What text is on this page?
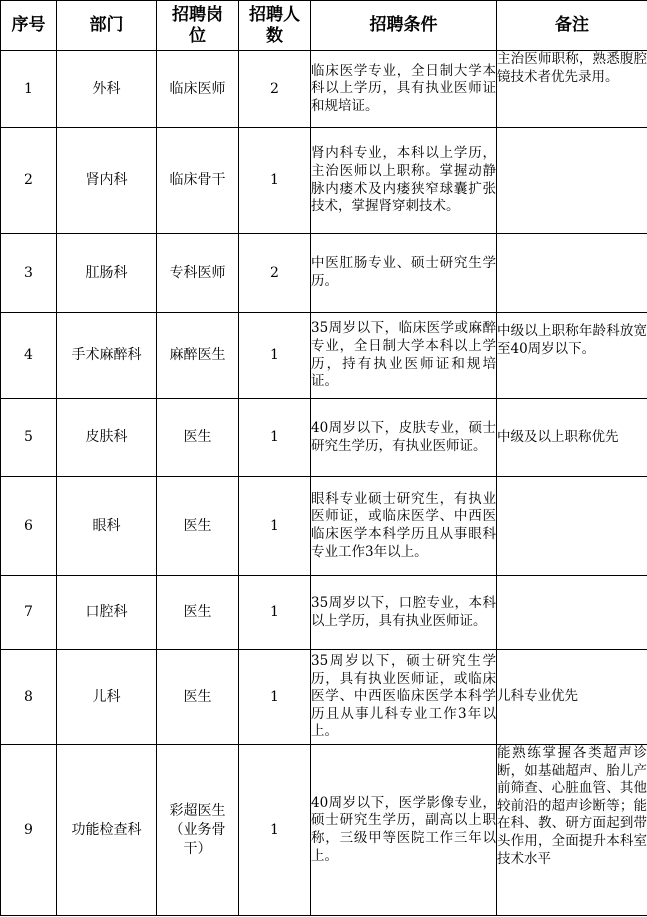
序号	部门	招聘岗位	招聘人数	招聘条件	备注
1	外科	临床医师	2	临床医学专业，全日制大学本科以上学历，具有执业医师证和规培证。	主治医师职称，熟悉腹腔镜技术者优先录用。
2	肾内科	临床骨干	1	肾内科专业，本科以上学历，主治医师以上职称。掌握动静脉内瘘术及内瘘狭窄球囊扩张技术，掌握肾穿刺技术。	
3	肛肠科	专科医师	2	中医肛肠专业、硕士研究生学历。	
4	手术麻醉科	麻醉医生	1	35周岁以下，临床医学或麻醉专业，全日制大学本科以上学历，持有执业医师证和规培证。	中级以上职称年龄科放宽至40周岁以下。
5	皮肤科	医生	1	40周岁以下，皮肤专业，硕士研究生学历，有执业医师证。	中级及以上职称优先
6	眼科	医生	1	眼科专业硕士研究生，有执业医师证，或临床医学、中西医临床医学本科学历且从事眼科专业工作3年以上。	
7	口腔科	医生	1	35周岁以下，口腔专业，本科以上学历，具有执业医师证。	
8	儿科	医生	1	35周岁以下，硕士研究生学历，具有执业医师证，或临床医学、中西医临床医学本科学历且从事儿科专业工作3年以上。	儿科专业优先
9	功能检查科	彩超医生（业务骨干）	1	40周岁以下，医学影像专业，硕士研究生学历，副高以上职称，三级甲等医院工作三年以上。	能熟练掌握各类超声诊断，如基础超声、胎儿产前筛查、心脏血管、其他较前沿的超声诊断等；能在科、教、研方面起到带头作用，全面提升本科室技术水平
